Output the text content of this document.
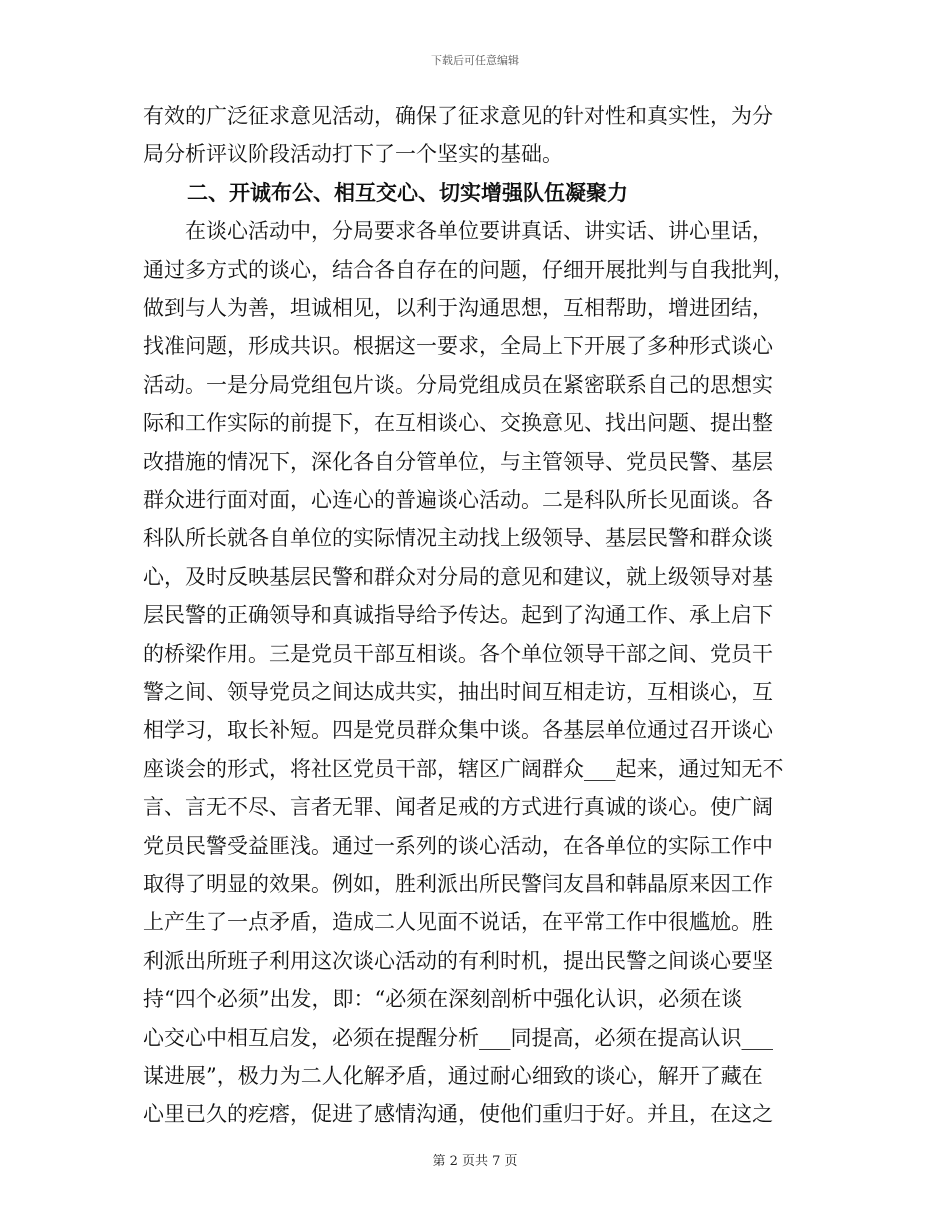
下载后可任意编辑
有效的广泛征求意见活动，确保了征求意见的针对性和真实性，为分
局分析评议阶段活动打下了一个坚实的基础。
二、开诚布公、相互交心、切实增强队伍凝聚力
　　在谈心活动中，分局要求各单位要讲真话、讲实话、讲心里话，
通过多方式的谈心，结合各自存在的问题，仔细开展批判与自我批判，
做到与人为善，坦诚相见，以利于沟通思想，互相帮助，增进团结，
找准问题，形成共识。根据这一要求，全局上下开展了多种形式谈心
活动。一是分局党组包片谈。分局党组成员在紧密联系自己的思想实
际和工作实际的前提下，在互相谈心、交换意见、找出问题、提出整
改措施的情况下，深化各自分管单位，与主管领导、党员民警、基层
群众进行面对面，心连心的普遍谈心活动。二是科队所长见面谈。各
科队所长就各自单位的实际情况主动找上级领导、基层民警和群众谈
心，及时反映基层民警和群众对分局的意见和建议，就上级领导对基
层民警的正确领导和真诚指导给予传达。起到了沟通工作、承上启下
的桥梁作用。三是党员干部互相谈。各个单位领导干部之间、党员干
警之间、领导党员之间达成共实，抽出时间互相走访，互相谈心，互
相学习，取长补短。四是党员群众集中谈。各基层单位通过召开谈心
座谈会的形式，将社区党员干部，辖区广阔群众___起来，通过知无不
言、言无不尽、言者无罪、闻者足戒的方式进行真诚的谈心。使广阔
党员民警受益匪浅。通过一系列的谈心活动，在各单位的实际工作中
取得了明显的效果。例如，胜利派出所民警闫友昌和韩晶原来因工作
上产生了一点矛盾，造成二人见面不说话，在平常工作中很尴尬。胜
利派出所班子利用这次谈心活动的有利时机，提出民警之间谈心要坚
持“四个必须”出发，即：“必须在深刻剖析中强化认识，必须在谈
心交心中相互启发，必须在提醒分析___同提高，必须在提高认识___
谋进展”，极力为二人化解矛盾，通过耐心细致的谈心，解开了藏在
心里已久的疙瘩，促进了感情沟通，使他们重归于好。并且，在这之
第 2 页共 7 页
